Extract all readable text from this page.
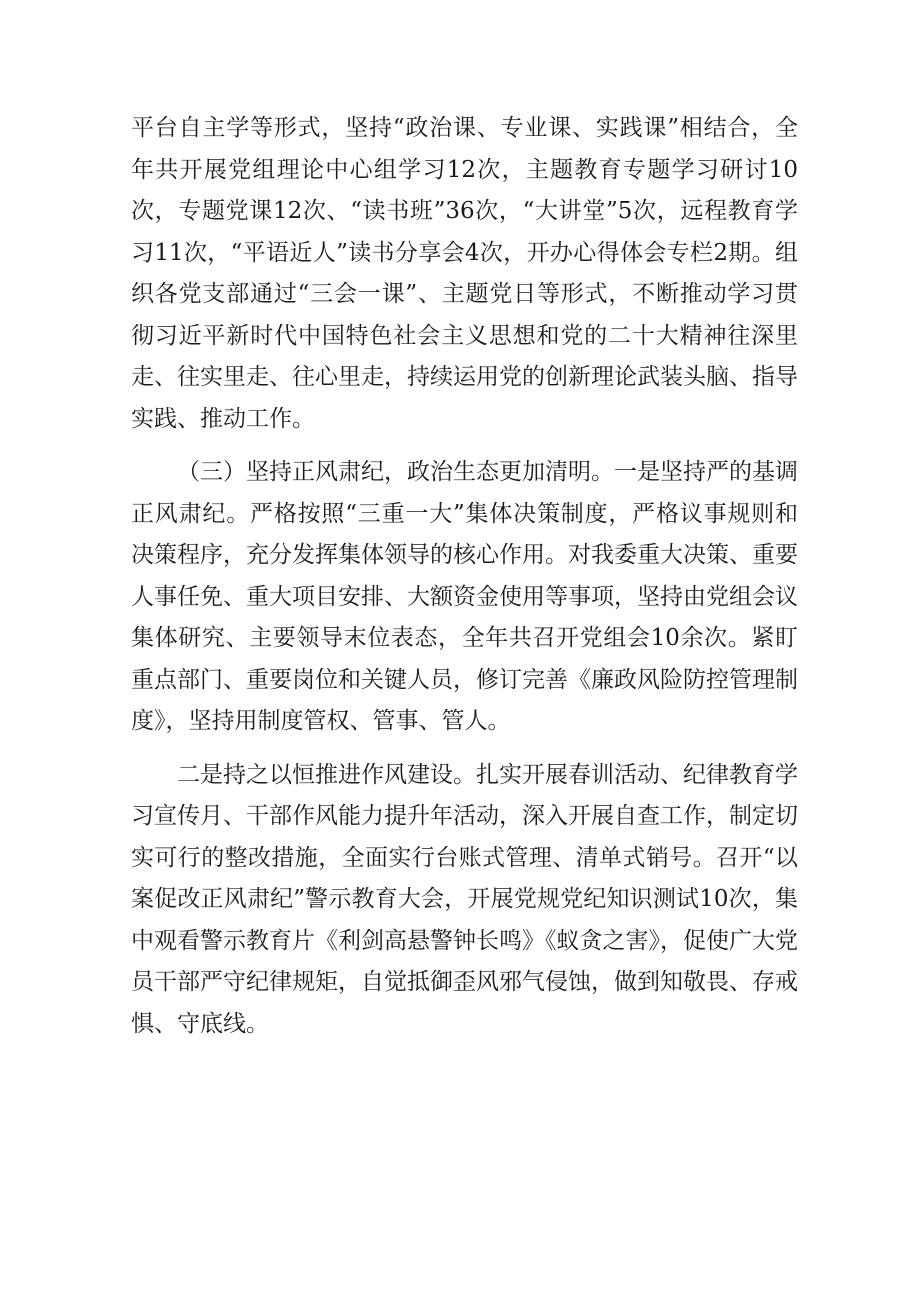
平台自主学等形式，坚持“政治课、专业课、实践课”相结合，全年共开展党组理论中心组学习12次，主题教育专题学习研讨10次，专题党课12次、“读书班”36次，“大讲堂”5次，远程教育学习11次，“平语近人”读书分享会4次，开办心得体会专栏2期。组织各党支部通过“三会一课”、主题党日等形式，不断推动学习贯彻习近平新时代中国特色社会主义思想和党的二十大精神往深里走、往实里走、往心里走，持续运用党的创新理论武装头脑、指导实践、推动工作。

（三）坚持正风肃纪，政治生态更加清明。一是坚持严的基调正风肃纪。严格按照“三重一大”集体决策制度，严格议事规则和决策程序，充分发挥集体领导的核心作用。对我委重大决策、重要人事任免、重大项目安排、大额资金使用等事项，坚持由党组会议集体研究、主要领导末位表态，全年共召开党组会10余次。紧盯重点部门、重要岗位和关键人员，修订完善《廉政风险防控管理制度》，坚持用制度管权、管事、管人。

二是持之以恒推进作风建设。扎实开展春训活动、纪律教育学习宣传月、干部作风能力提升年活动，深入开展自查工作，制定切实可行的整改措施，全面实行台账式管理、清单式销号。召开“以案促改正风肃纪”警示教育大会，开展党规党纪知识测试10次，集中观看警示教育片《利剑高悬警钟长鸣》《蚁贪之害》，促使广大党员干部严守纪律规矩，自觉抵御歪风邪气侵蚀，做到知敬畏、存戒惧、守底线。
